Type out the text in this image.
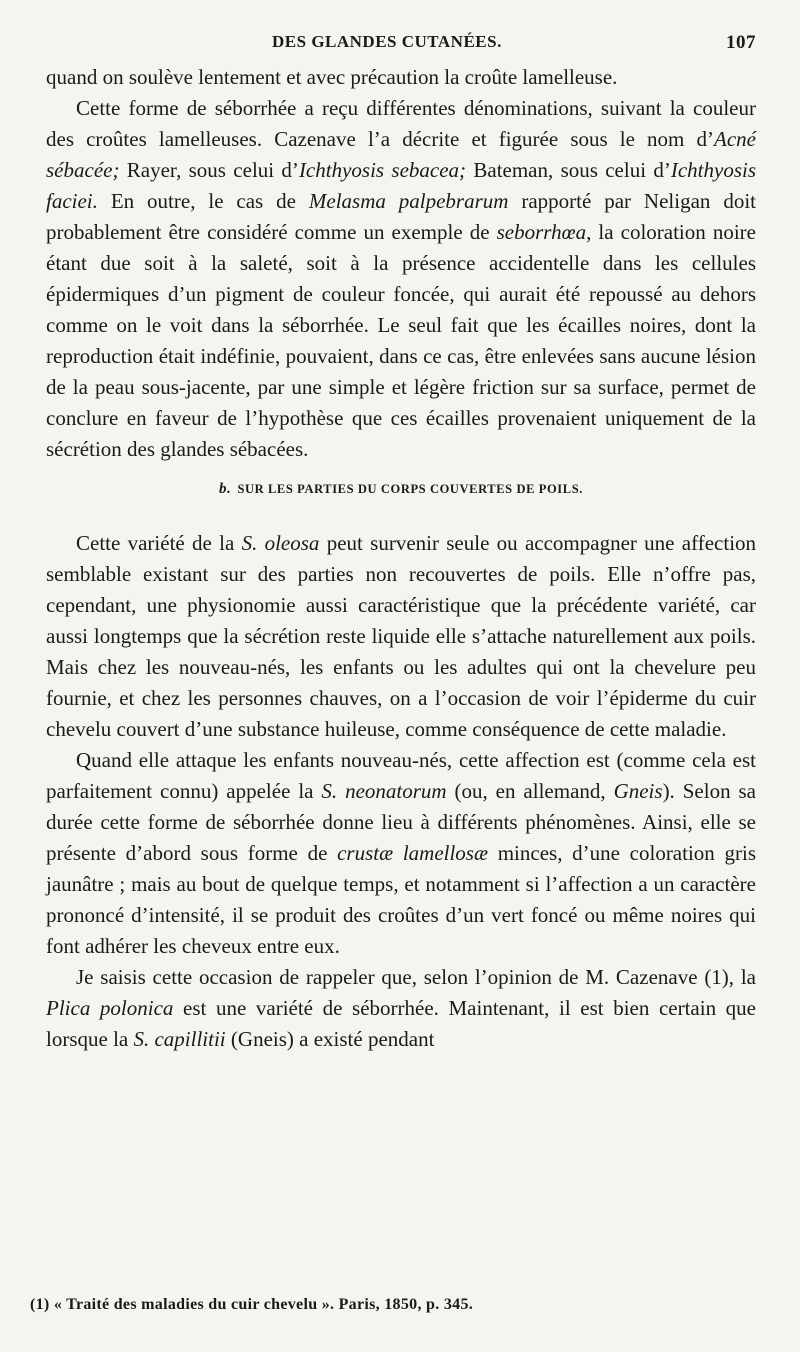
DES GLANDES CUTANÉES.	107

quand on soulève lentement et avec précaution la croûte lamelleuse.

Cette forme de séborrhée a reçu différentes dénominations, suivant la couleur des croûtes lamelleuses. Cazenave l’a décrite et figurée sous le nom d’Acné sébacée; Rayer, sous celui d’Ichthyosis sebacea; Bateman, sous celui d’Ichthyosis faciei. En outre, le cas de Melasma palpebrarum rapporté par Neligan doit probablement être considéré comme un exemple de seborrhœa, la coloration noire étant due soit à la saleté, soit à la présence accidentelle dans les cellules épidermiques d’un pigment de couleur foncée, qui aurait été repoussé au dehors comme on le voit dans la séborrhée. Le seul fait que les écailles noires, dont la reproduction était indéfinie, pouvaient, dans ce cas, être enlevées sans aucune lésion de la peau sous-jacente, par une simple et légère friction sur sa surface, permet de conclure en faveur de l’hypothèse que ces écailles provenaient uniquement de la sécrétion des glandes sébacées.

b. SUR LES PARTIES DU CORPS COUVERTES DE POILS.

Cette variété de la S. oleosa peut survenir seule ou accompagner une affection semblable existant sur des parties non recouvertes de poils. Elle n’offre pas, cependant, une physionomie aussi caractéristique que la précédente variété, car aussi longtemps que la sécrétion reste liquide elle s’attache naturellement aux poils. Mais chez les nouveau-nés, les enfants ou les adultes qui ont la chevelure peu fournie, et chez les personnes chauves, on a l’occasion de voir l’épiderme du cuir chevelu couvert d’une substance huileuse, comme conséquence de cette maladie.

Quand elle attaque les enfants nouveau-nés, cette affection est (comme cela est parfaitement connu) appelée la S. neonatorum (ou, en allemand, Gneis). Selon sa durée cette forme de séborrhée donne lieu à différents phénomènes. Ainsi, elle se présente d’abord sous forme de crustæ lamellosæ minces, d’une coloration gris jaunâtre ; mais au bout de quelque temps, et notamment si l’affection a un caractère prononcé d’intensité, il se produit des croûtes d’un vert foncé ou même noires qui font adhérer les cheveux entre eux.

Je saisis cette occasion de rappeler que, selon l’opinion de M. Cazenave (1), la Plica polonica est une variété de séborrhée. Maintenant, il est bien certain que lorsque la S. capillitii (Gneis) a existé pendant

(1) « Traité des maladies du cuir chevelu ». Paris, 1850, p. 345.
